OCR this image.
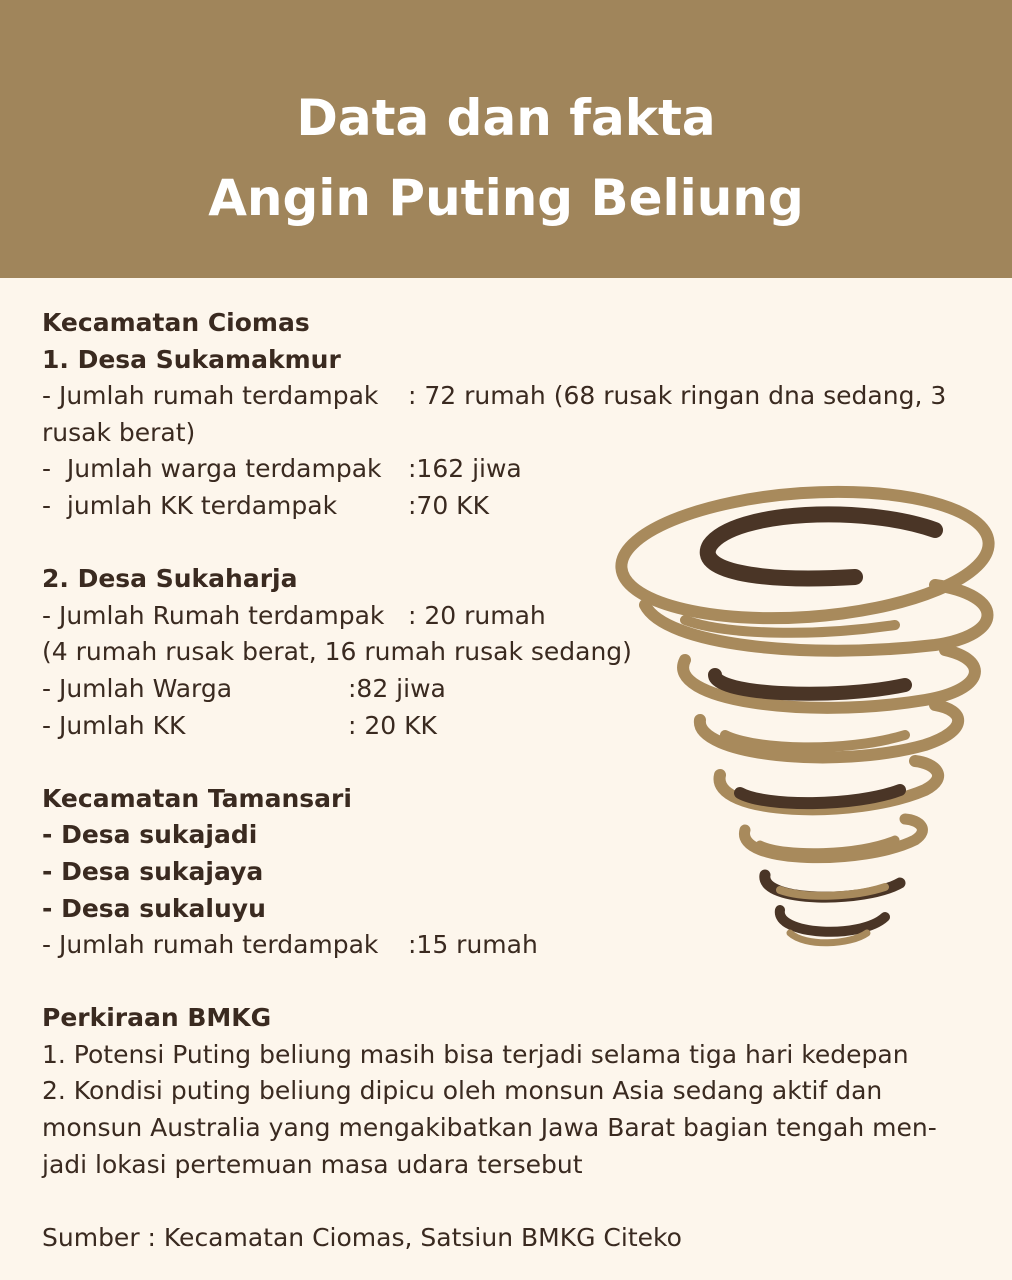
Data dan fakta
Angin Puting Beliung
Kecamatan Ciomas
1. Desa Sukamakmur
- Jumlah rumah terdampak	: 72 rumah (68 rusak ringan dna sedang, 3
rusak berat)
-  Jumlah warga terdampak	:162 jiwa
-  jumlah KK terdampak	:70 KK
2. Desa Sukaharja
- Jumlah Rumah terdampak : 20 rumah
(4 rumah rusak berat, 16 rumah rusak sedang)
- Jumlah Warga	:82 jiwa
- Jumlah KK	: 20 KK
Kecamatan Tamansari
- Desa sukajadi
- Desa sukajaya
- Desa sukaluyu
- Jumlah rumah terdampak	:15 rumah
Perkiraan BMKG
1. Potensi Puting beliung masih bisa terjadi selama tiga hari kedepan
2. Kondisi puting beliung dipicu oleh monsun Asia sedang aktif dan
monsun Australia yang mengakibatkan Jawa Barat bagian tengah men-
jadi lokasi pertemuan masa udara tersebut
Sumber : Kecamatan Ciomas, Satsiun BMKG Citeko
